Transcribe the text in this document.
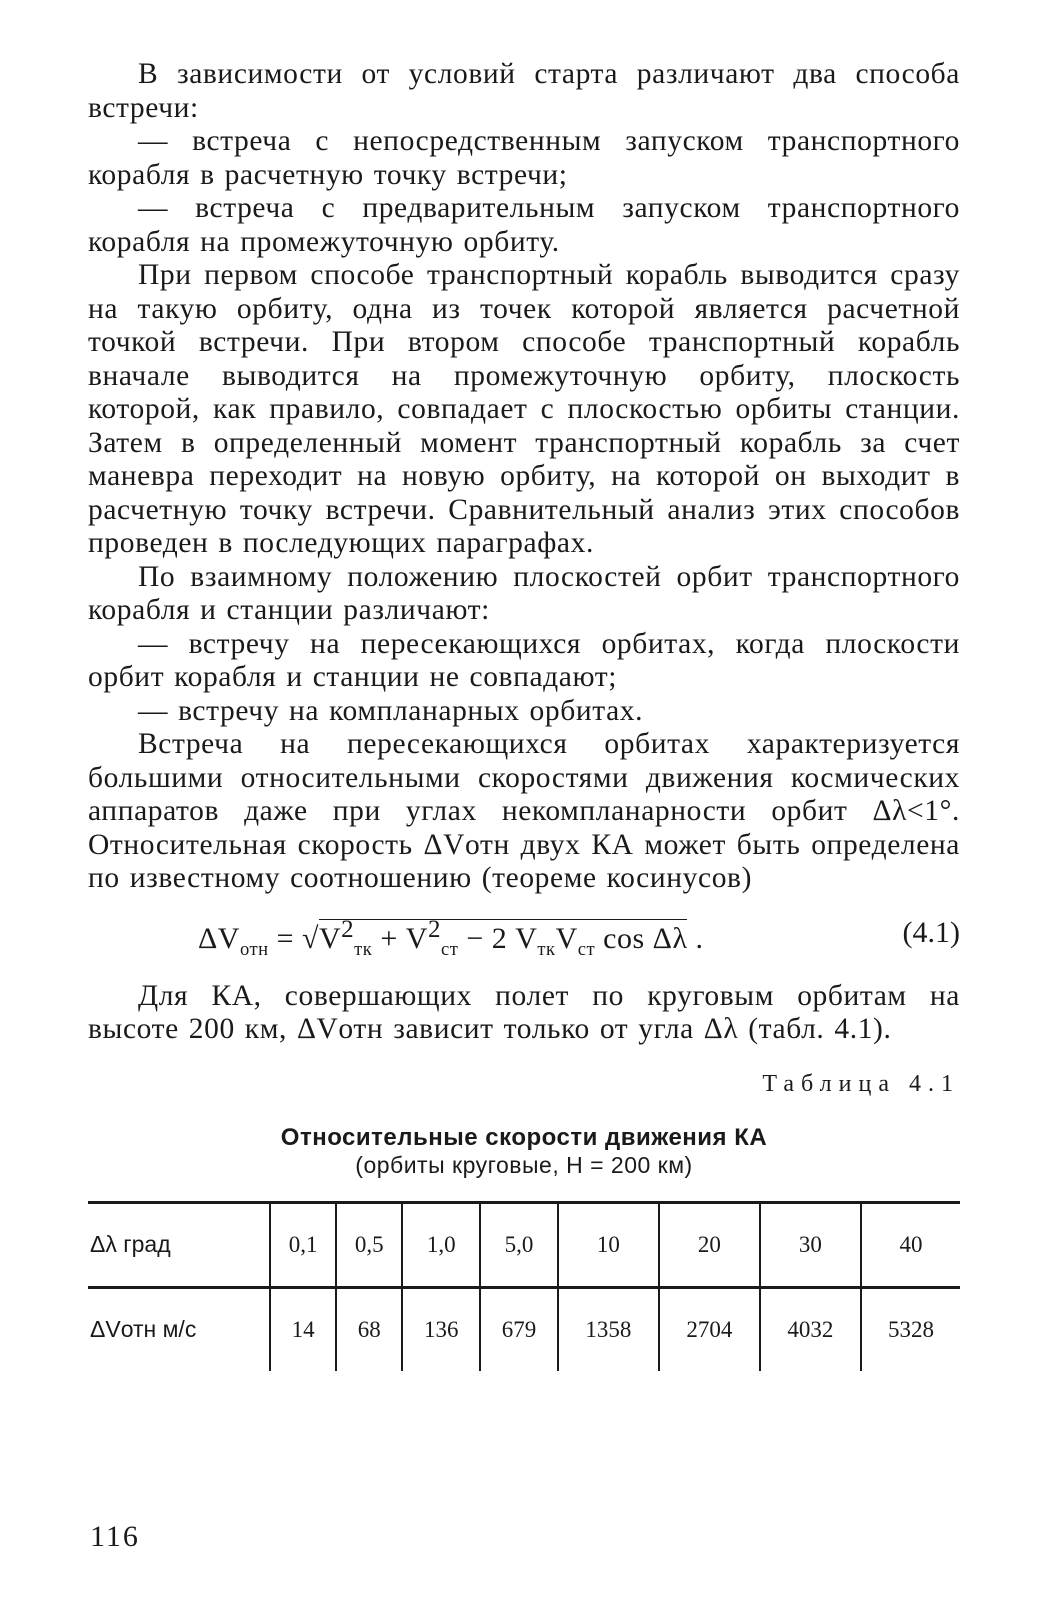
В зависимости от условий старта различают два способа встречи:

— встреча с непосредственным запуском транспортного корабля в расчетную точку встречи;

— встреча с предварительным запуском транспортного корабля на промежуточную орбиту.

При первом способе транспортный корабль выводится сразу на такую орбиту, одна из точек которой является расчетной точкой встречи. При втором способе транспортный корабль вначале выводится на промежуточную орбиту, плоскость которой, как правило, совпадает с плоскостью орбиты станции. Затем в определенный момент транспортный корабль за счет маневра переходит на новую орбиту, на которой он выходит в расчетную точку встречи. Сравнительный анализ этих способов проведен в последующих параграфах.

По взаимному положению плоскостей орбит транспортного корабля и станции различают:

— встречу на пересекающихся орбитах, когда плоскости орбит корабля и станции не совпадают;

— встречу на компланарных орбитах.

Встреча на пересекающихся орбитах характеризуется большими относительными скоростями движения космических аппаратов даже при углах некомпланарности орбит Δλ<1°. Относительная скорость ΔVотн двух КА может быть определена по известному соотношению (теореме косинусов)

$\Delta V_{отн} = √V^2_{тк} + V^2_{ст} - 2$ $V_{тк}V_{ст}$ cos Δλ .	(4.1)

Для КА, совершающих полет по круговым орбитам на высоте 200 км, ΔVотн зависит только от угла Δλ (табл. 4.1).

Таблица 4.1
Относительные скорости движения КА
(орбиты круговые, H = 200 км)
Δλ град	0,1	0,5	1,0	5,0	10	20	30	40
ΔVотн м/с	14	68	136	679	1358	2704	4032	5328
116
